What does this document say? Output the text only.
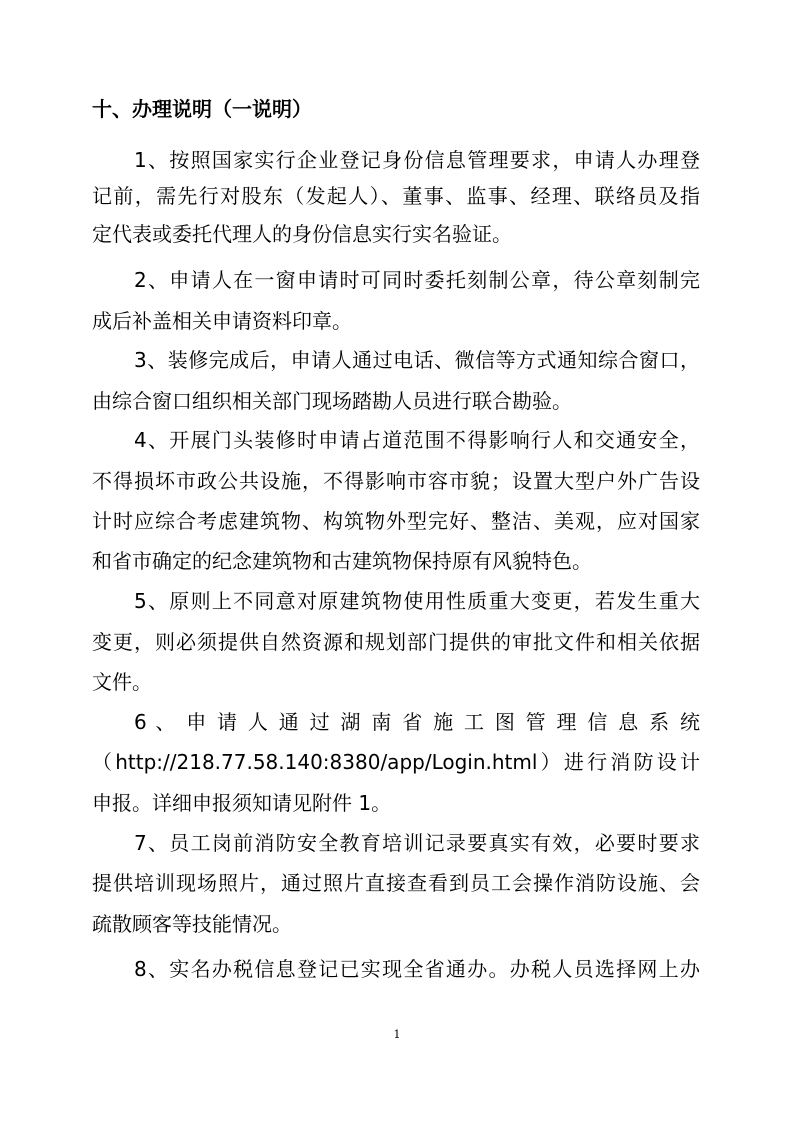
十、办理说明（一说明）
1、按照国家实行企业登记身份信息管理要求，申请人办理登
记前，需先行对股东（发起人）、董事、监事、经理、联络员及指
定代表或委托代理人的身份信息实行实名验证。
2、申请人在一窗申请时可同时委托刻制公章，待公章刻制完
成后补盖相关申请资料印章。
3、装修完成后，申请人通过电话、微信等方式通知综合窗口，
由综合窗口组织相关部门现场踏勘人员进行联合勘验。
4、开展门头装修时申请占道范围不得影响行人和交通安全，
不得损坏市政公共设施，不得影响市容市貌；设置大型户外广告设
计时应综合考虑建筑物、构筑物外型完好、整洁、美观，应对国家
和省市确定的纪念建筑物和古建筑物保持原有风貌特色。
5、原则上不同意对原建筑物使用性质重大变更，若发生重大
变更，则必须提供自然资源和规划部门提供的审批文件和相关依据
文件。
6 、 申 请 人 通 过 湖 南 省 施 工 图 管 理 信 息 系 统
（http://218.77.58.140:8380/app/Login.html）进行消防设计
申报。详细申报须知请见附件 1。
7、员工岗前消防安全教育培训记录要真实有效，必要时要求
提供培训现场照片，通过照片直接查看到员工会操作消防设施、会
疏散顾客等技能情况。
8、实名办税信息登记已实现全省通办。办税人员选择网上办
1
